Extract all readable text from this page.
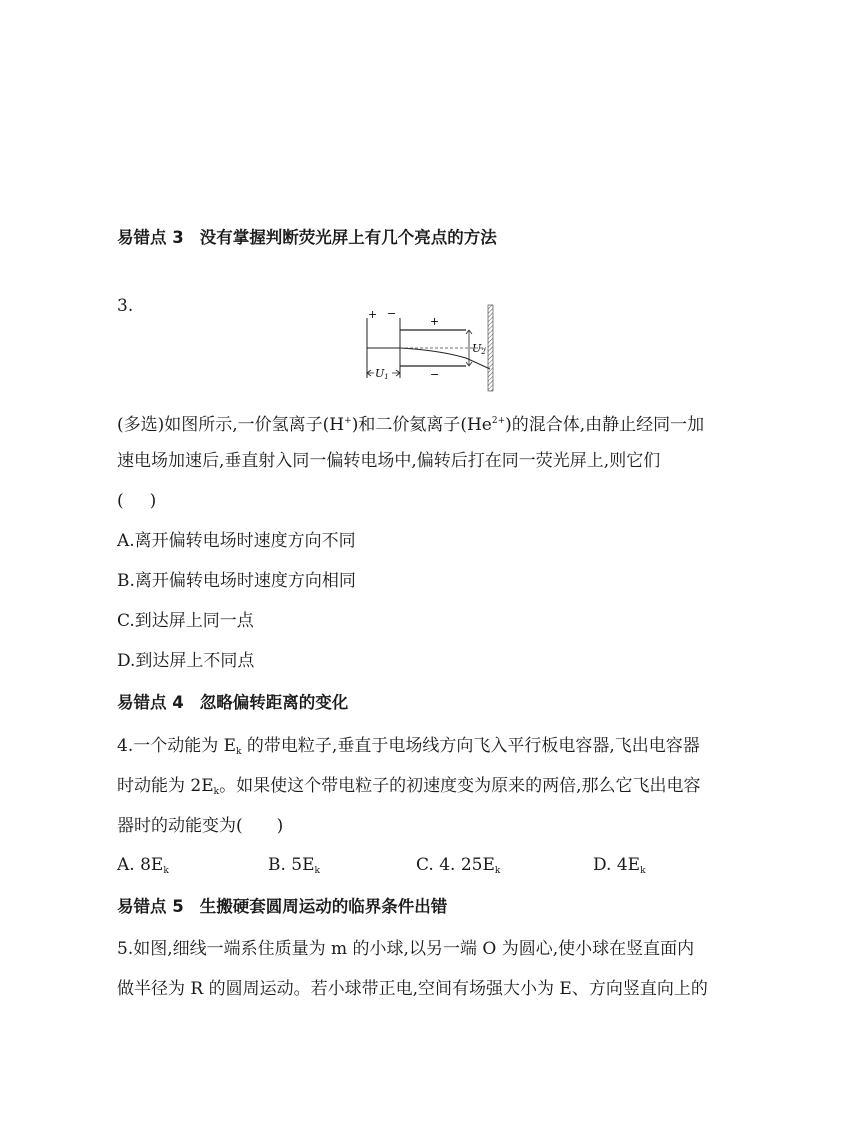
易错点 3 没有掌握判断荧光屏上有几个亮点的方法
3.	+ −
+
−
U2
U1
(多选)如图所示,一价氢离子(H+)和二价氦离子$(He^{2+})$的混合体,由静止经同一加
速电场加速后,垂直射入同一偏转电场中,偏转后打在同一荧光屏上,则它们
( )
A.离开偏转电场时速度方向不同
B.离开偏转电场时速度方向相同
C.到达屏上同一点
D.到达屏上不同点
易错点 4 忽略偏转距离的变化
4.一个动能为 $E_k$ 的带电粒子,垂直于电场线方向飞入平行板电容器,飞出电容器
时动能为 $2E_k$。如果使这个带电粒子的初速度变为原来的两倍,那么它飞出电容
器时的动能变为(　　)
A. $8E_k$	B. $5E_k$	C. 4. $25E_k$	D. $4E_k$
易错点 5 生搬硬套圆周运动的临界条件出错
5.如图,细线一端系住质量为 m 的小球,以另一端 O 为圆心,使小球在竖直面内
做半径为 R 的圆周运动。若小球带正电,空间有场强大小为 E、方向竖直向上的
